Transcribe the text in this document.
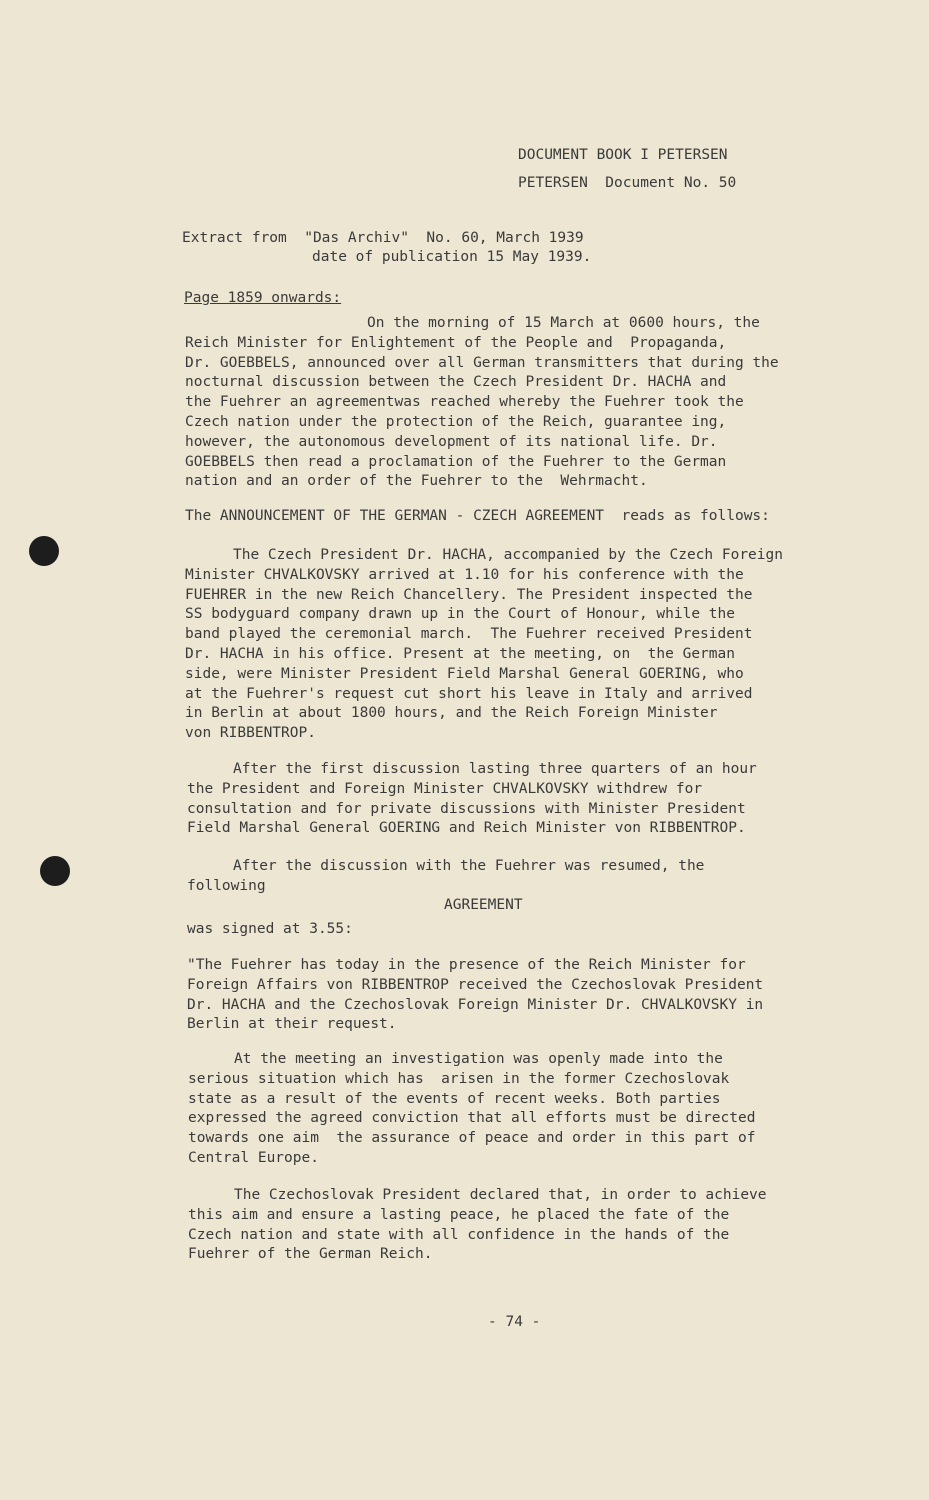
DOCUMENT BOOK I PETERSEN

PETERSEN  Document No. 50

Extract from  "Das Archiv"  No. 60, March 1939

date of publication 15 May 1939.

Page 1859 onwards:

On the morning of 15 March at 0600 hours, the
Reich Minister for Enlightement of the People and  Propaganda,
Dr. GOEBBELS, announced over all German transmitters that during the
nocturnal discussion between the Czech President Dr. HACHA and
the Fuehrer an agreementwas reached whereby the Fuehrer took the
Czech nation under the protection of the Reich, guarantee ing,
however, the autonomous development of its national life. Dr.
GOEBBELS then read a proclamation of the Fuehrer to the German
nation and an order of the Fuehrer to the  Wehrmacht.

The ANNOUNCEMENT OF THE GERMAN - CZECH AGREEMENT  reads as follows:

The Czech President Dr. HACHA, accompanied by the Czech Foreign
Minister CHVALKOVSKY arrived at 1.10 for his conference with the
FUEHRER in the new Reich Chancellery. The President inspected the
SS bodyguard company drawn up in the Court of Honour, while the
band played the ceremonial march.  The Fuehrer received President
Dr. HACHA in his office. Present at the meeting, on  the German
side, were Minister President Field Marshal General GOERING, who
at the Fuehrer's request cut short his leave in Italy and arrived
in Berlin at about 1800 hours, and the Reich Foreign Minister
von RIBBENTROP.
After the first discussion lasting three quarters of an hour
the President and Foreign Minister CHVALKOVSKY withdrew for
consultation and for private discussions with Minister President
Field Marshal General GOERING and Reich Minister von RIBBENTROP.
After the discussion with the Fuehrer was resumed, the
following

AGREEMENT

was signed at 3.55:

"The Fuehrer has today in the presence of the Reich Minister for
Foreign Affairs von RIBBENTROP received the Czechoslovak President
Dr. HACHA and the Czechoslovak Foreign Minister Dr. CHVALKOVSKY in
Berlin at their request.
At the meeting an investigation was openly made into the
serious situation which has  arisen in the former Czechoslovak
state as a result of the events of recent weeks. Both parties
expressed the agreed conviction that all efforts must be directed
towards one aim  the assurance of peace and order in this part of
Central Europe.
The Czechoslovak President declared that, in order to achieve
this aim and ensure a lasting peace, he placed the fate of the
Czech nation and state with all confidence in the hands of the
Fuehrer of the German Reich.

- 74 -
